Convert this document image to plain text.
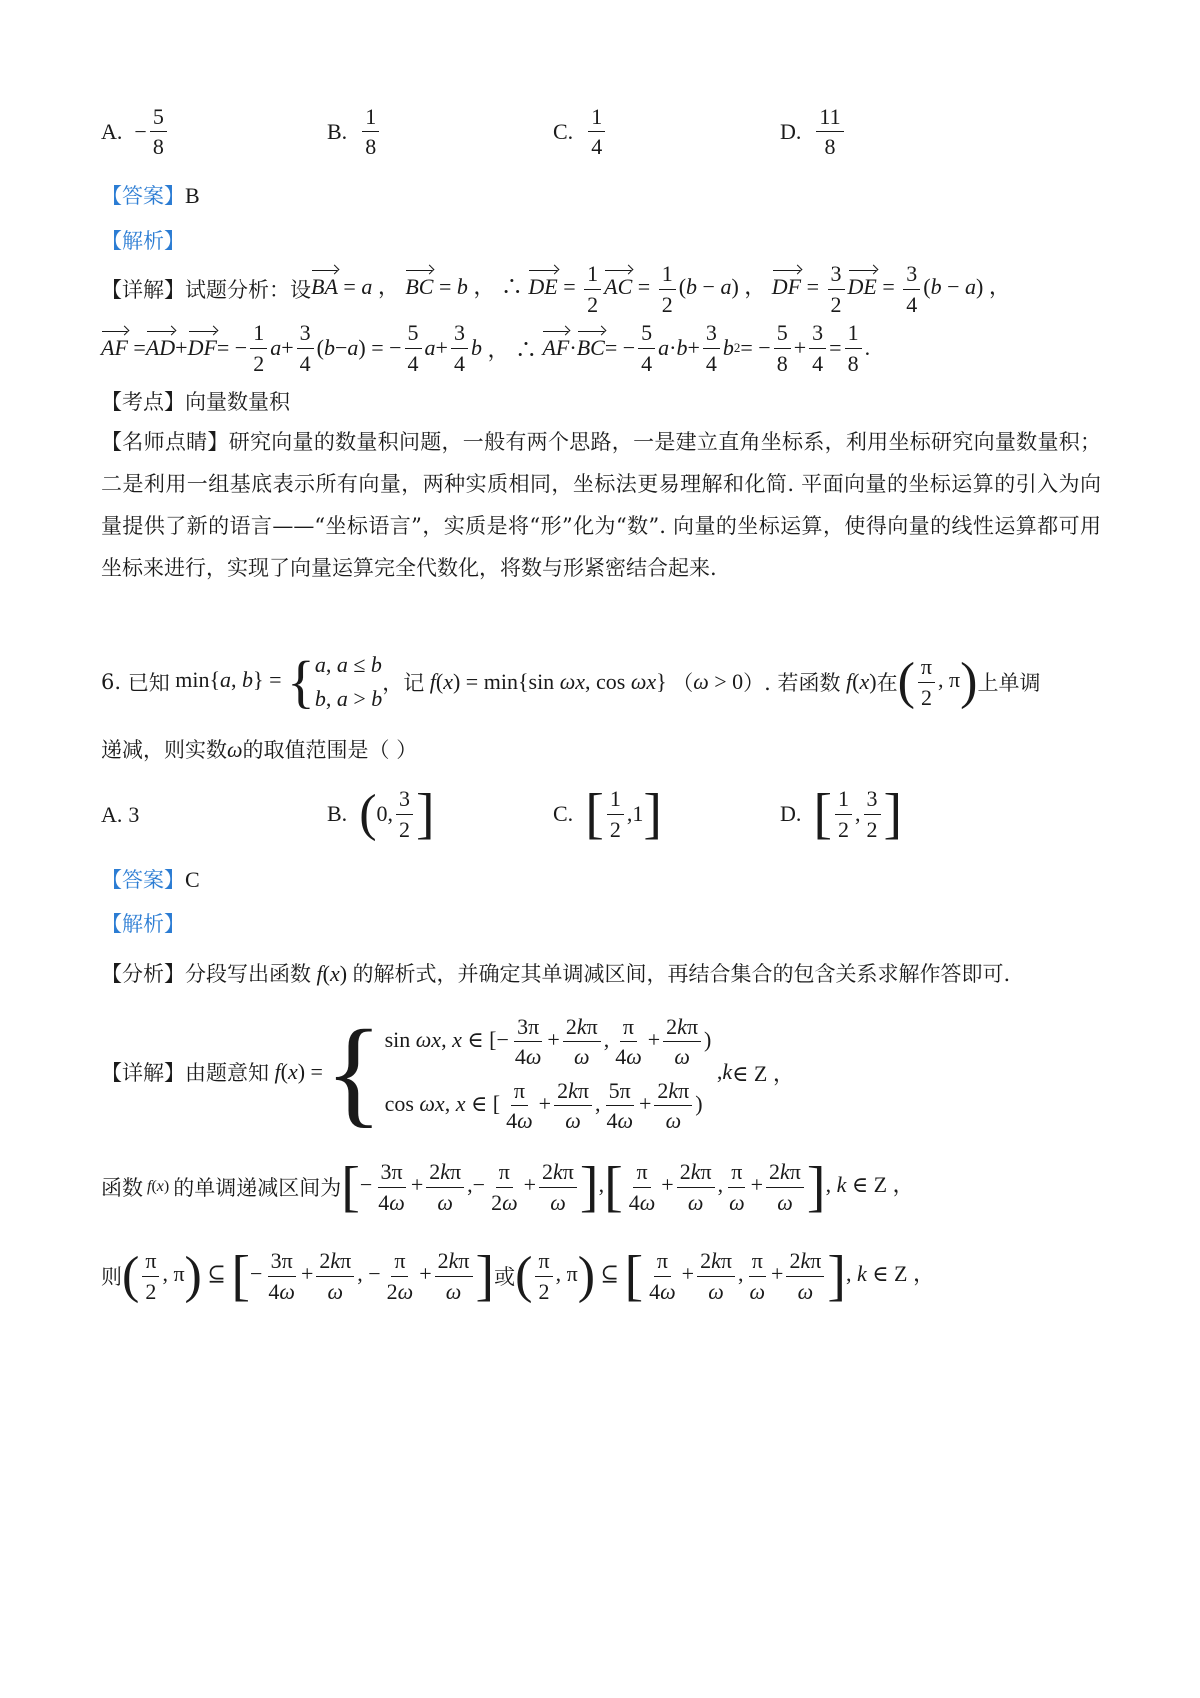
A. − $\frac{5}{8}$	B. $\frac{1}{8}$	C. $\frac{1}{4}$	D. $\frac{11}{8}$
【答案】B
【解析】
【详解】 试题分析：设 BA = a ， BC = b ， ∴ DE = $\frac{1}{2}$ AC = $\frac{1}{2} (b - a)$ ， DF = $\frac{3}{2}$ DE = $\frac{3}{4} (b - a)$ ，
AF = AD + DF = − $\frac{1}{2}$ $a + \frac{3}{4}$ ( b − a ) = − $\frac{5}{4}$ $a + \frac{3}{4}$ b ， ∴ AF · BC = − $\frac{5}{4}$ $a \cdot b + \frac{3}{4}$ b 2 = − $\frac{5}{8} + \frac{3}{4} = \frac{1}{8}$ .
【考点】向量数量积
【名师点睛】研究向量的数量积问题，一般有两个思路，一是建立直角坐标系，利用坐标研究向量数量积；二是利用一组基底表示所有向量，两种实质相同，坐标法更易理解和化简. 平面向量的坐标运算的引入为向量提供了新的语言——“坐标语言”，实质是将“形”化为“数”. 向量的坐标运算，使得向量的线性运算都可用坐标来进行，实现了向量运算完全代数化，将数与形紧密结合起来.
6.
已知 min{a, b} = { a, a ≤ b
b, a > b
，记 f(x) = min{sin ωx, cos ωx} （ ω > 0 ）. 若函数 f (x) 在 ( $\frac{\pi}{2}$ , π) 上单调
递减，则实数ω的取值范围是（ ）
A. 3	B. ( 0, $\frac{3}{2}$ ]	C. [ $\frac{1}{2} ,1$ ]	D. [ $\frac{1}{2}$ , $\frac{3}{2}$ ]
【答案】C
【解析】
【分析】分段写出函数 f(x) 的解析式，并确定其单调减区间，再结合集合的包含关系求解作答即可.
【详解】 由题意知
f ( x ) = { sin ωx, x ∈ [− $\frac{3\pi}{4\omega} + \frac{2k\pi}{\omega}$ , $\frac{\pi}{4\omega} + \frac{2k\pi}{\omega}$ )
cos ωx, x ∈ [ $\frac{\pi}{4\omega} + \frac{2k\pi}{\omega}$ , $\frac{5\pi}{4\omega} + \frac{2k\pi}{\omega}$ )
, k ∈ Z ，
函数 f(x) 的单调递减区间为 [− $\frac{3\pi}{4\omega} + \frac{2k\pi}{\omega}$ ,− $\frac{\pi}{2\omega} + \frac{2k\pi}{\omega}$ ],[ $\frac{\pi}{4\omega} + \frac{2k\pi}{\omega}$ , $\frac{\pi}{\omega} + \frac{2k\pi}{\omega}$ ], k ∈ Z ，
则 ( $\frac{\pi}{2}$ , π) ⊆ [− $\frac{3\pi}{4\omega} + \frac{2k\pi}{\omega}$ , − $\frac{\pi}{2\omega} + \frac{2k\pi}{\omega}$ ] 或 ( $\frac{\pi}{2}$ , π) ⊆ [ $\frac{\pi}{4\omega} + \frac{2k\pi}{\omega}$ , $\frac{\pi}{\omega} + \frac{2k\pi}{\omega}$ ], k ∈ Z ，
